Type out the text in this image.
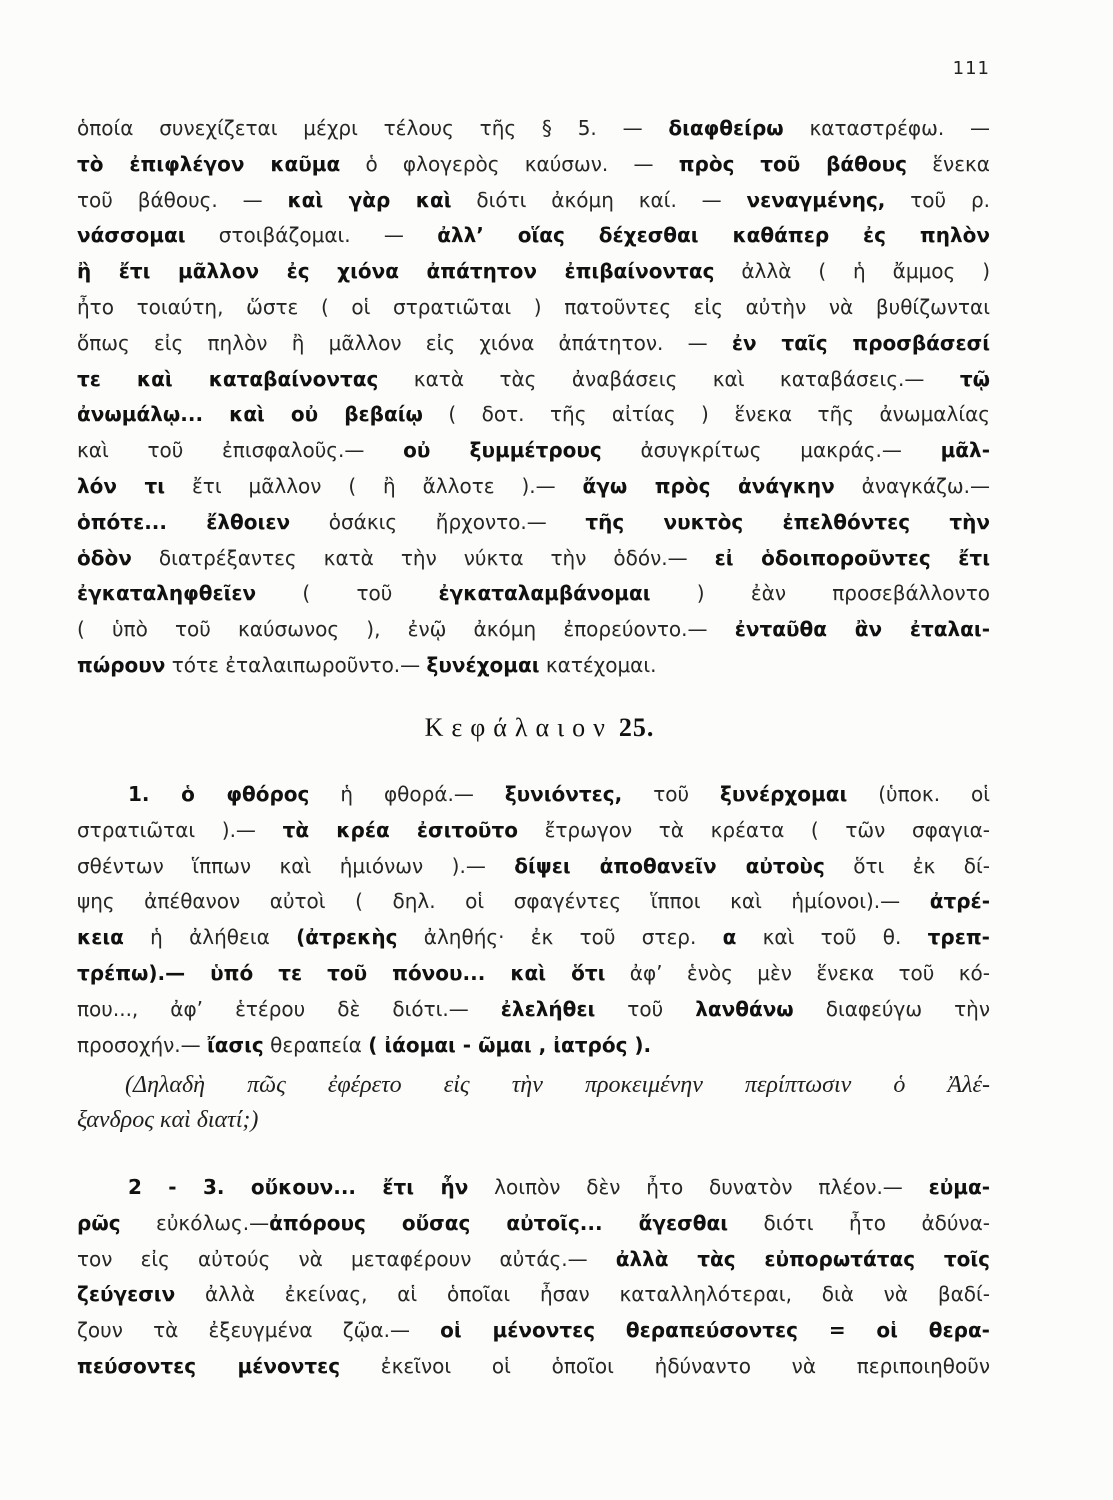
111
ὁποία συνεχίζεται μέχρι τέλους τῆς § 5. — διαφθείρω καταστρέφω. —
τὸ ἐπιφλέγον καῦμα ὁ φλογερὸς καύσων. — πρὸς τοῦ βάθους ἕνεκα
τοῦ βάθους. — καὶ γὰρ καὶ διότι ἀκόμη καί. — νεναγμένης, τοῦ ρ.
νάσσομαι στοιβάζομαι. — ἀλλ’ οἵας δέχεσθαι καθάπερ ἐς πηλὸν
ἢ ἔτι μᾶλλον ἐς χιόνα ἀπάτητον ἐπιβαίνοντας ἀλλὰ ( ἡ ἄμμος )
ἦτο τοιαύτη, ὥστε ( οἱ στρατιῶται ) πατοῦντες εἰς αὐτὴν νὰ βυθίζωνται
ὅπως εἰς πηλὸν ἢ μᾶλλον εἰς χιόνα ἀπάτητον. — ἐν ταῖς προσβάσεσί
τε καὶ καταβαίνοντας κατὰ τὰς ἀναβάσεις καὶ καταβάσεις.— τῷ
ἀνωμάλῳ... καὶ οὐ βεβαίῳ ( δοτ. τῆς αἰτίας ) ἕνεκα τῆς ἀνωμαλίας
καὶ τοῦ ἐπισφαλοῦς.— οὐ ξυμμέτρους ἀσυγκρίτως μακράς.— μᾶλ-
λόν τι ἔτι μᾶλλον ( ἢ ἄλλοτε ).— ἄγω πρὸς ἀνάγκην ἀναγκάζω.—
ὁπότε... ἔλθοιεν ὁσάκις ἤρχοντο.— τῆς νυκτὸς ἐπελθόντες τὴν
ὁδὸν διατρέξαντες κατὰ τὴν νύκτα τὴν ὁδόν.— εἰ ὁδοιποροῦντες ἔτι
ἐγκαταληφθεῖεν ( τοῦ ἐγκαταλαμβάνομαι ) ἐὰν προσεβάλλοντο
( ὑπὸ τοῦ καύσωνος ), ἐνῷ ἀκόμη ἐπορεύοντο.— ἐνταῦθα ἂν ἐταλαι-
πώρουν τότε ἐταλαιπωροῦντο.— ξυνέχομαι κατέχομαι.
Κεφάλαιον 25.
1. ὁ φθόρος ἡ φθορά.— ξυνιόντες, τοῦ ξυνέρχομαι (ὑποκ. οἱ
στρατιῶται ).— τὰ κρέα ἐσιτοῦτο ἔτρωγον τὰ κρέατα ( τῶν σφαγια-
σθέντων ἵππων καὶ ἡμιόνων ).— δίψει ἀποθανεῖν αὐτοὺς ὅτι ἐκ δί-
ψης ἀπέθανον αὐτοὶ ( δηλ. οἱ σφαγέντες ἵπποι καὶ ἡμίονοι).— ἀτρέ-
κεια ἡ ἀλήθεια (ἀτρεκὴς ἀληθής· ἐκ τοῦ στερ. α καὶ τοῦ θ. τρεπ-
τρέπω).— ὑπό τε τοῦ πόνου... καὶ ὅτι ἀφ’ ἑνὸς μὲν ἕνεκα τοῦ κό-
που..., ἀφ’ ἑτέρου δὲ διότι.— ἐλελήθει τοῦ λανθάνω διαφεύγω τὴν
προσοχήν.— ἴασις θεραπεία ( ἰάομαι - ῶμαι , ἰατρός ).
(Δηλαδὴ πῶς ἐφέρετο εἰς τὴν προκειμένην περίπτωσιν ὁ Ἀλέ-
ξανδρος καὶ διατί;)
2 - 3. οὔκουν... ἔτι ἦν λοιπὸν δὲν ἦτο δυνατὸν πλέον.— εὐμα-
ρῶς εὐκόλως.—ἀπόρους οὔσας αὐτοῖς... ἄγεσθαι διότι ἦτο ἀδύνα-
τον εἰς αὐτούς νὰ μεταφέρουν αὐτάς.— ἀλλὰ τὰς εὐπορωτάτας τοῖς
ζεύγεσιν ἀλλὰ ἐκείνας, αἱ ὁποῖαι ἦσαν καταλληλότεραι, διὰ νὰ βαδί-
ζουν τὰ ἐξευγμένα ζῷα.— οἱ μένοντες θεραπεύσοντες = οἱ θερα-
πεύσοντες μένοντες ἐκεῖνοι οἱ ὁποῖοι ἠδύναντο νὰ περιποιηθοῦν
